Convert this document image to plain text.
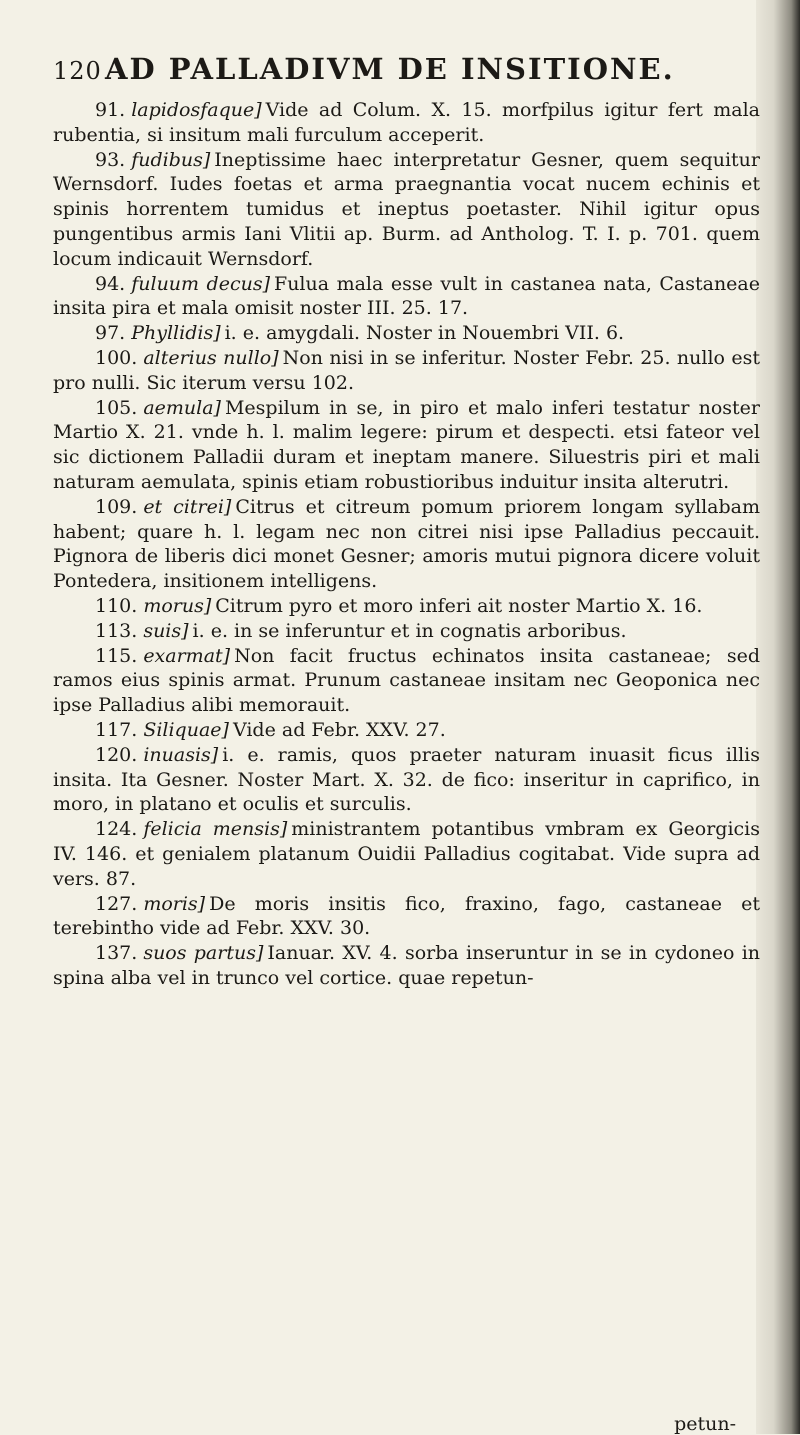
120 AD PALLADIVM DE INSITIONE.

91. lapidosfaque] Vide ad Colum. X. 15. morfpilus igitur fert mala rubentia, si insitum mali furculum acceperit.

93. fudibus] Ineptissime haec interpretatur Gesner, quem sequitur Wernsdorf. Iudes foetas et arma praegnantia vocat nucem echinis et spinis horrentem tumidus et ineptus poetaster. Nihil igitur opus pungentibus armis Iani Vlitii ap. Burm. ad Antholog. T. I. p. 701. quem locum indicauit Wernsdorf.

94. fuluum decus] Fulua mala esse vult in castanea nata, Castaneae insita pira et mala omisit noster III. 25. 17.

97. Phyllidis] i. e. amygdali. Noster in Nouembri VII. 6.

100. alterius nullo] Non nisi in se inferitur. Noster Febr. 25. nullo est pro nulli. Sic iterum versu 102.

105. aemula] Mespilum in se, in piro et malo inferi testatur noster Martio X. 21. vnde h. l. malim legere: pirum et despecti. etsi fateor vel sic dictionem Palladii duram et ineptam manere. Siluestris piri et mali naturam aemulata, spinis etiam robustioribus induitur insita alterutri.

109. et citrei] Citrus et citreum pomum priorem longam syllabam habent; quare h. l. legam nec non citrei nisi ipse Palladius peccauit. Pignora de liberis dici monet Gesner; amoris mutui pignora dicere voluit Pontedera, insitionem intelligens.

110. morus] Citrum pyro et moro inferi ait noster Martio X. 16.

113. suis] i. e. in se inferuntur et in cognatis arboribus.

115. exarmat] Non facit fructus echinatos insita castaneae; sed ramos eius spinis armat. Prunum castaneae insitam nec Geoponica nec ipse Palladius alibi memorauit.

117. Siliquae] Vide ad Febr. XXV. 27.

120. inuasis] i. e. ramis, quos praeter naturam inuasit ficus illis insita. Ita Gesner. Noster Mart. X. 32. de fico: inseritur in caprifico, in moro, in platano et oculis et surculis.

124. felicia mensis] ministrantem potantibus vmbram ex Georgicis IV. 146. et genialem platanum Ouidii Palladius cogitabat. Vide supra ad vers. 87.

127. moris] De moris insitis fico, fraxino, fago, castaneae et terebintho vide ad Febr. XXV. 30.

137. suos partus] Ianuar. XV. 4. sorba inseruntur in se in cydoneo in spina alba vel in trunco vel cortice. quae repetun-

petun-
